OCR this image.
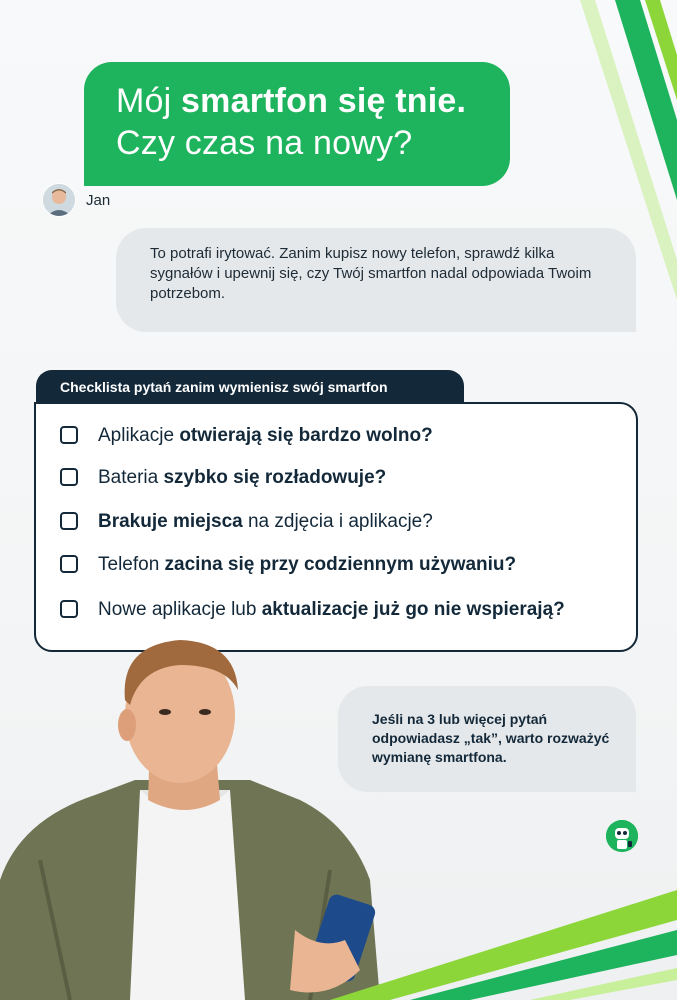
Mój smartfon się tnie.
Czy czas na nowy?
Jan
To potrafi irytować. Zanim kupisz nowy telefon, sprawdź kilka sygnałów i upewnij się, czy Twój smartfon nadal odpowiada Twoim potrzebom.
Checklista pytań zanim wymienisz swój smartfon
Aplikacje otwierają się bardzo wolno?
Bateria szybko się rozładowuje?
Brakuje miejsca na zdjęcia i aplikacje?
Telefon zacina się przy codziennym używaniu?
Nowe aplikacje lub aktualizacje już go nie wspierają?
Jeśli na 3 lub więcej pytań odpowiadasz „tak”, warto rozważyć wymianę smartfona.
